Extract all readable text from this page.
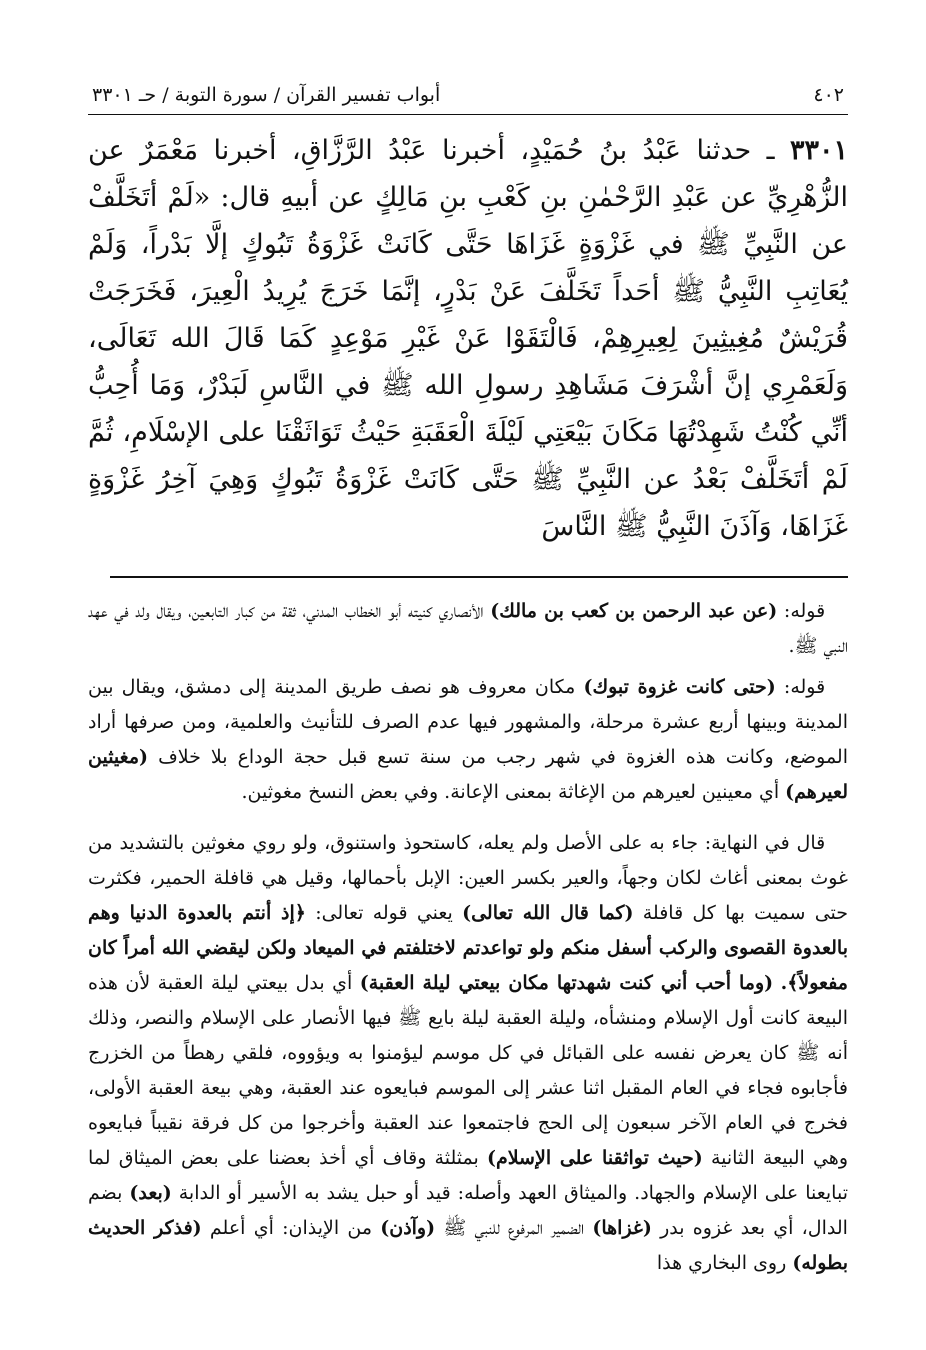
٤٠٢
أبواب تفسير القرآن / سورة التوبة / حـ ٣٣٠١

٣٣٠١ ـ حدثنا عَبْدُ بنُ حُمَيْدٍ، أخبرنا عَبْدُ الرَّزَّاقِ، أخبرنا مَعْمَرٌ عن الزُّهْرِيِّ عن عَبْدِ الرَّحْمٰنِ بنِ كَعْبِ بنِ مَالِكٍ عن أبيهِ قال: «لَمْ أتَخَلَّفْ عن النَّبِيِّ ﷺ في غَزْوَةٍ غَزَاهَا حَتَّى كَانَتْ غَزْوَةُ تَبُوكٍ إلَّا بَدْراً، وَلَمْ يُعَاتِبِ النَّبِيُّ ﷺ أحَداً تَخَلَّفَ عَنْ بَدْرٍ، إنَّمَا خَرَجَ يُرِيدُ الْعِيرَ، فَخَرَجَتْ قُرَيْشٌ مُغِيثِينَ لِعِيرِهِمْ، فَالْتَقَوْا عَنْ غَيْرِ مَوْعِدٍ كَمَا قَالَ الله تَعَالَى، وَلَعَمْرِي إنَّ أشْرَفَ مَشَاهِدِ رسولِ الله ﷺ في النَّاسِ لَبَدْرٌ، وَمَا أُحِبُّ أنِّي كُنْتُ شَهِدْتُهَا مَكَانَ بَيْعَتِي لَيْلَةَ الْعَقَبَةِ حَيْثُ تَوَاثَقْنَا على الإسْلَامِ، ثُمَّ لَمْ أتَخَلَّفْ بَعْدُ عن النَّبِيِّ ﷺ حَتَّى كَانَتْ غَزْوَةُ تَبُوكٍ وَهِيَ آخِرُ غَزْوَةٍ غَزَاهَا، وَآذَنَ النَّبِيُّ ﷺ النَّاسَ

قوله: (عن عبد الرحمن بن كعب بن مالك) الأنصاري كنيته أبو الخطاب المدني، ثقة من كبار التابعين، ويقال ولد في عهد النبي ﷺ.

قوله: (حتى كانت غزوة تبوك) مكان معروف هو نصف طريق المدينة إلى دمشق، ويقال بين المدينة وبينها أربع عشرة مرحلة، والمشهور فيها عدم الصرف للتأنيث والعلمية، ومن صرفها أراد الموضع، وكانت هذه الغزوة في شهر رجب من سنة تسع قبل حجة الوداع بلا خلاف (مغيثين لعيرهم) أي معينين لعيرهم من الإغاثة بمعنى الإعانة. وفي بعض النسخ مغوثين.

قال في النهاية: جاء به على الأصل ولم يعله، كاستحوذ واستنوق، ولو روي مغوثين بالتشديد من غوث بمعنى أغاث لكان وجهاً، والعير بكسر العين: الإبل بأحمالها، وقيل هي قافلة الحمير، فكثرت حتى سميت بها كل قافلة (كما قال الله تعالى) يعني قوله تعالى: ﴿إذ أنتم بالعدوة الدنيا وهم بالعدوة القصوى والركب أسفل منكم ولو تواعدتم لاختلفتم في الميعاد ولكن ليقضي الله أمراً كان مفعولاً﴾. (وما أحب أني كنت شهدتها مكان بيعتي ليلة العقبة) أي بدل بيعتي ليلة العقبة لأن هذه البيعة كانت أول الإسلام ومنشأه، وليلة العقبة ليلة بايع ﷺ فيها الأنصار على الإسلام والنصر، وذلك أنه ﷺ كان يعرض نفسه على القبائل في كل موسم ليؤمنوا به ويؤووه، فلقي رهطاً من الخزرج فأجابوه فجاء في العام المقبل اثنا عشر إلى الموسم فبايعوه عند العقبة، وهي بيعة العقبة الأولى، فخرج في العام الآخر سبعون إلى الحج فاجتمعوا عند العقبة وأخرجوا من كل فرقة نقيباً فبايعوه وهي البيعة الثانية (حيث تواثقنا على الإسلام) بمثلثة وقاف أي أخذ بعضنا على بعض الميثاق لما تبايعنا على الإسلام والجهاد. والميثاق العهد وأصله: قيد أو حبل يشد به الأسير أو الدابة (بعد) بضم الدال، أي بعد غزوه بدر (غزاها) الضمير المرفوع للنبي ﷺ (وآذن) من الإيذان: أي أعلم (فذكر الحديث بطوله) روى البخاري هذا
